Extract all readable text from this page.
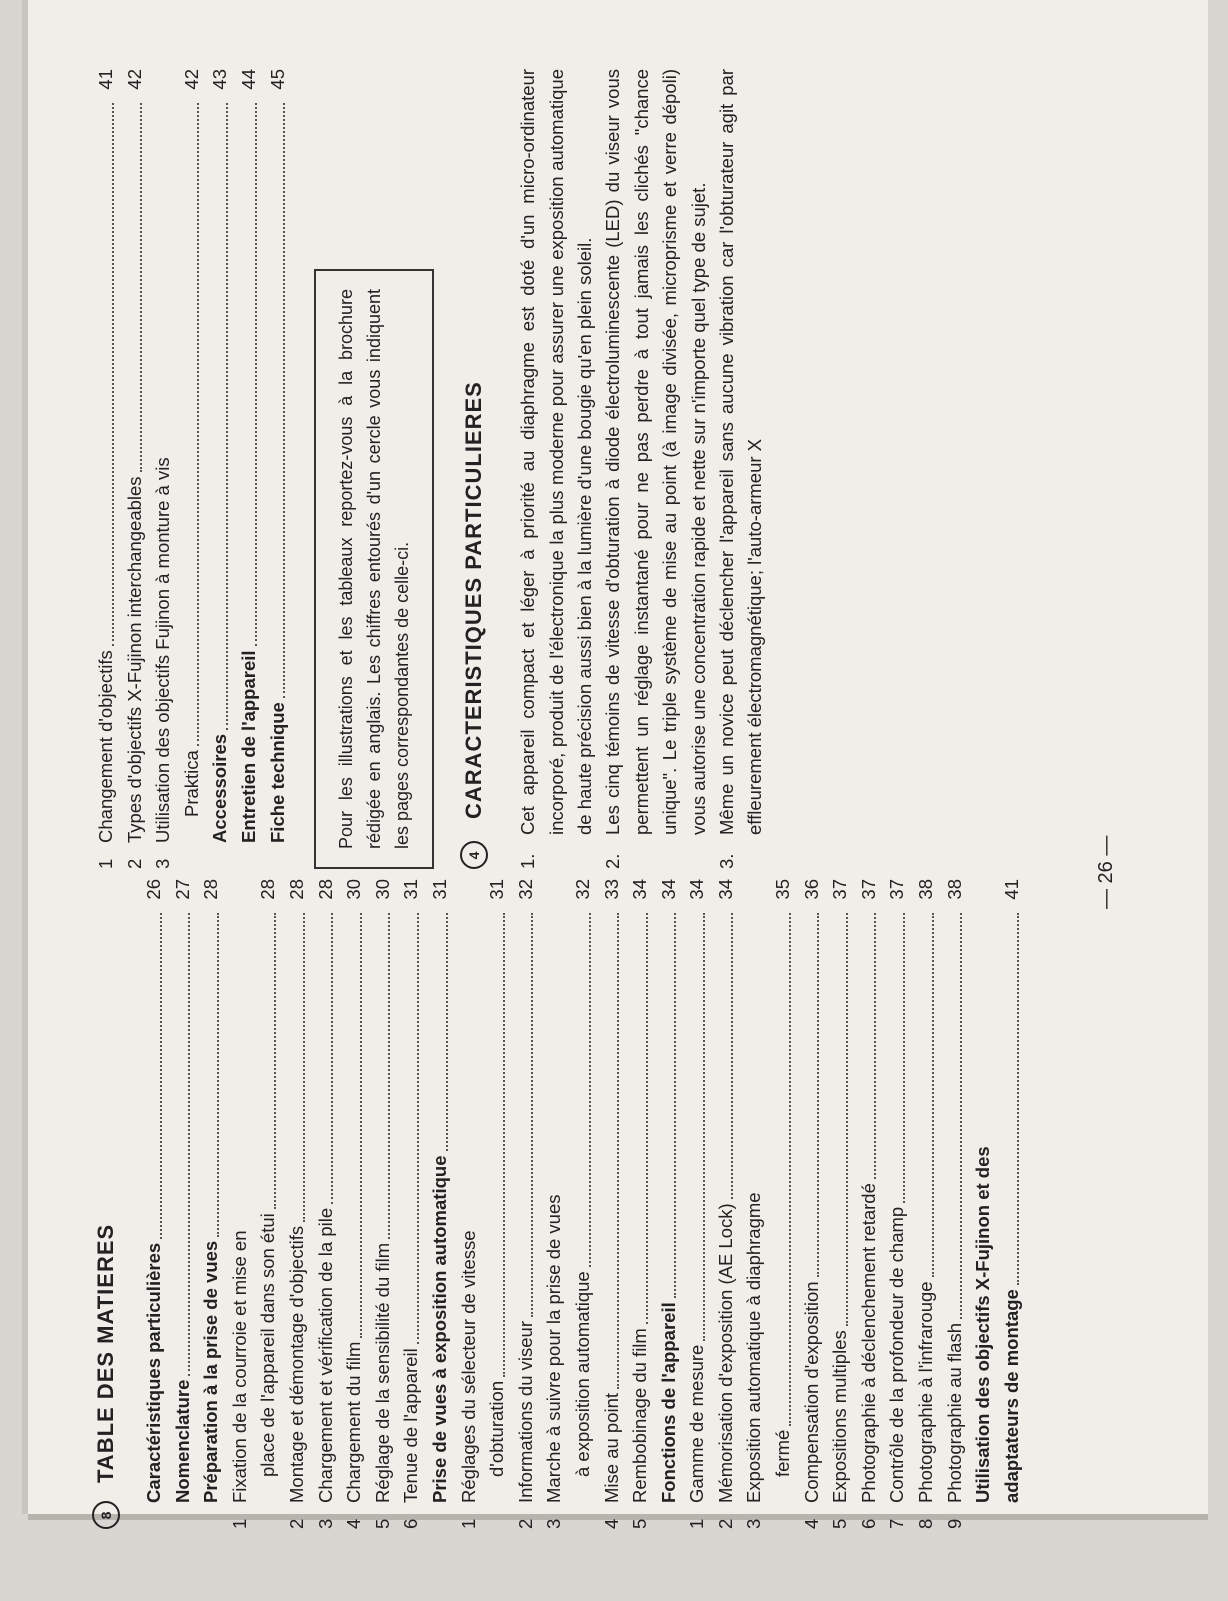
8
TABLE DES MATIERES Caractéristiques particulières
26
Nomenclature
27
Préparation à la prise de vues
28
1
Fixation de la courroie et mise en place de l'appareil dans son étui
28
2
Montage et démontage d'objectifs
28
3
Chargement et vérification de la pile
28
4
Chargement du film
30
5
Réglage de la sensibilité du film
30
6
Tenue de l'appareil
31
Prise de vues à exposition automatique
31
1
Réglages du sélecteur de vitesse d'obturation
31
2
Informations du viseur
32
3
Marche à suivre pour la prise de vues à exposition automatique
32
4
Mise au point
33
5
Rembobinage du film
34
Fonctions de l'appareil
34
1
Gamme de mesure
34
2
Mémorisation d'exposition (AE Lock)
34
3
Exposition automatique à diaphragme fermé
35
4
Compensation d'exposition
36
5
Expositions multiples
37
6
Photographie à déclenchement retardé
37
7
Contrôle de la profondeur de champ
37
8
Photographie à l'infrarouge
38
9
Photographie au flash
38
Utilisation des objectifs X-Fujinon et des adaptateurs de montage
41
1
Changement d'objectifs
41
2
Types d'objectifs X-Fujinon interchangeables
42
3
Utilisation des objectifs Fujinon à monture à vis Praktica
42
Accessoires
43
Entretien de l'appareil
44
Fiche technique
45
Pour les illustrations et les tableaux reportez-vous à la brochure rédigée en anglais. Les chiffres entourés d'un cercle vous indiquent les pages correspondantes de celle-ci.
4
CARACTERISTIQUES PARTICULIERES
1.
Cet appareil compact et léger à priorité au diaphragme est doté d'un micro-ordinateur incorporé, produit de l'électronique la plus moderne pour assurer une exposition automatique de haute précision aussi bien à la lumière d'une bougie qu'en plein soleil.
2.
Les cinq témoins de vitesse d'obturation à diode électroluminescente (LED) du viseur vous permettent un réglage instantané pour ne pas perdre à tout jamais les clichés "chance unique". Le triple système de mise au point (à image divisée, microprisme et verre dépoli) vous autorise une concentration rapide et nette sur n'importe quel type de sujet.
3.
Même un novice peut déclencher l'appareil sans aucune vibration car l'obturateur agit par effleurement électromagnétique; l'auto-armeur X
— 26 —
